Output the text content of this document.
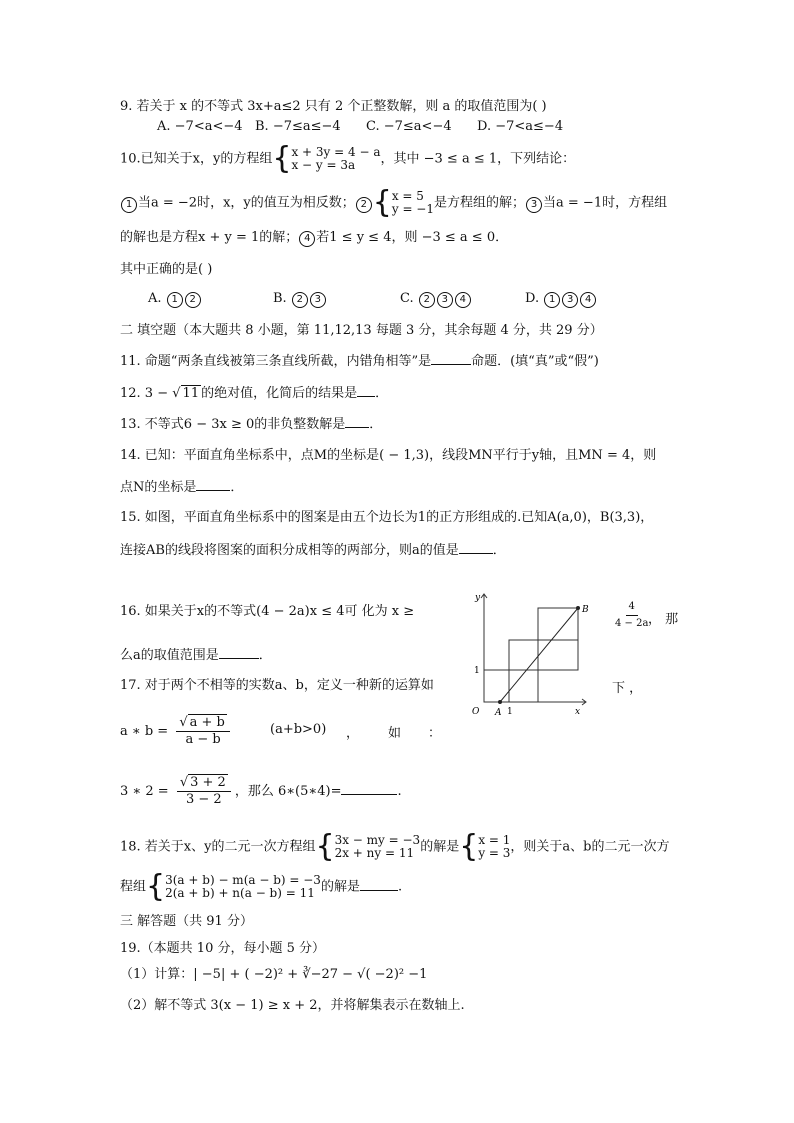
9. 若关于 x 的不等式 3x+a≤2 只有 2 个正整数解，则 a 的取值范围为( )
A. −7<a<−4 B. −7≤a≤−4 C. −7≤a<−4 D. −7<a≤−4
10.已知关于x，y的方程组{ x + 3y = 4 − a
x − y = 3a	，其中 −3 ≤ a ≤ 1，下列结论：
1 当a = −2时，x，y的值互为相反数； 2 { x = 5
y = −1 是方程组的解； 3 当a = −1时，方程组
的解也是方程x + y = 1的解； 4 若1 ≤ y ≤ 4，则 −3 ≤ a ≤ 0．
其中正确的是( )
A. 1 2	B. 2 3	C. 2 3 4	D. 1 3 4
二 填空题（本大题共 8 小题，第 11,12,13 每题 3 分，其余每题 4 分，共 29 分）
11. 命题“两条直线被第三条直线所截，内错角相等”是	命题．(填“真”或“假”)
12. 3 − √ 11 的绝对值，化简后的结果是 ．
13. 不等式6 − 3x ≥ 0的非负整数解是 ．
14. 已知：平面直角坐标系中，点M的坐标是( − 1,3)，线段MN平行于y轴，且MN = 4，则
点N的坐标是	．
15. 如图，平面直角坐标系中的图案是由五个边长为1的正方形组成的.已知A(a,0)，B(3,3)，
连接AB的线段将图案的面积分成相等的两部分，则a的值是	．
16. 如果关于x的不等式(4 − 2a)x ≤ 4可 化为 x ≥	$\frac{4}{4 - 2a}$
， 那
么a的取值范围是	．
y
x
O A
B
1
1
17. 对于两个不相等的实数a、b，定义一种新的运算如	下 ，
a ∗ $b = \frac{√ a + b}{a - b}$	(a+b>0) ， 如 ：
3 ∗ $2 = \frac{√ 3 + 2}{3 - 2}$ ，那么 6∗(5∗4)=	.
18. 若关于x、y的二元一次方程组{ 3x − my = −3
2x + ny = 11 的解是{ x = 1
y = 3 ，则关于a、b的二元一次方
程组{ 3(a + b) − m(a − b) = −3
2(a + b) + n(a − b) = 11 的解是	.
三 解答题（共 91 分）
19.（本题共 10 分，每小题 5 分）
（1）计算：| −5| + ( −2)² + ∛−27 − √( −2)² −1
（2）解不等式 3(x − 1) ≥ x + 2，并将解集表示在数轴上.
